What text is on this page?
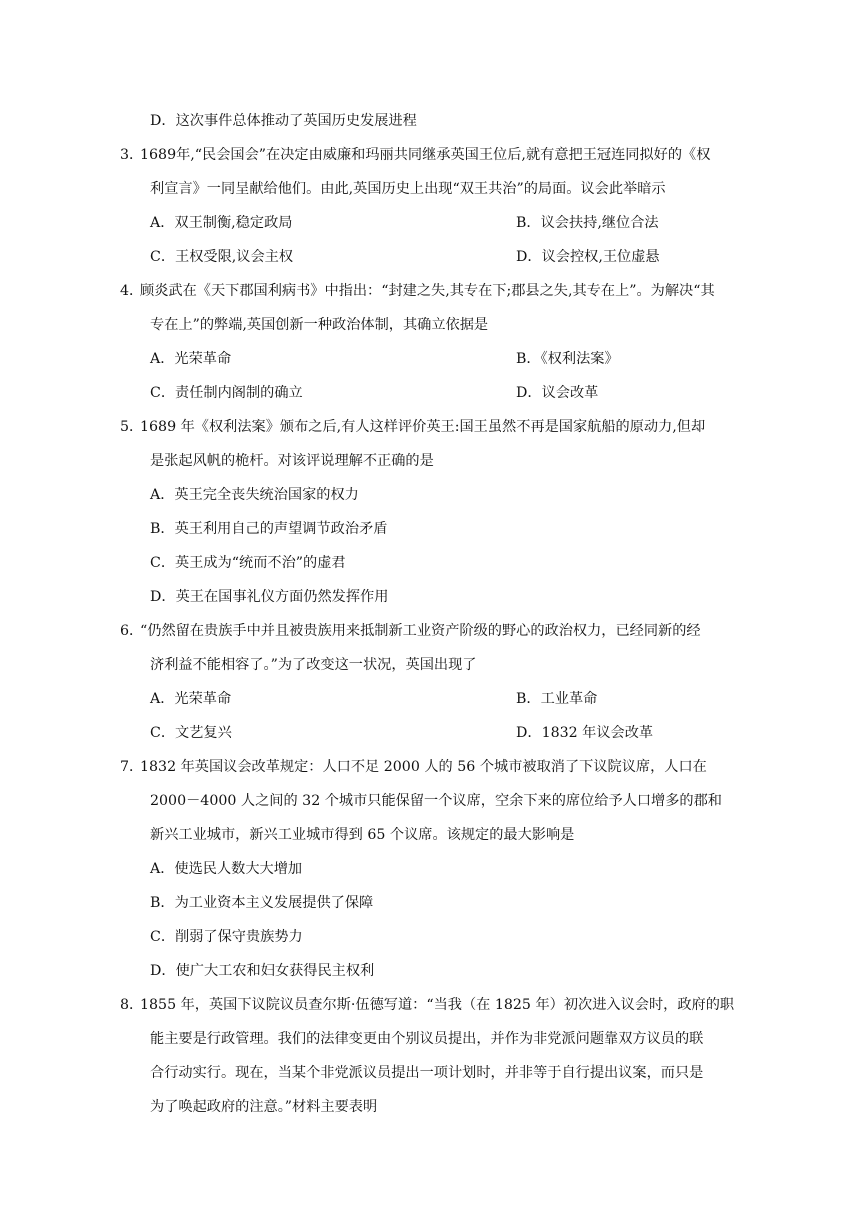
D．这次事件总体推动了英国历史发展进程
3．
1689年,“民会国会”在决定由威廉和玛丽共同继承英国王位后,就有意把王冠连同拟好的《权
利宣言》一同呈献给他们。由此,英国历史上出现“双王共治”的局面。议会此举暗示
A．双王制衡,稳定政局	B．议会扶持,继位合法
C．王权受限,议会主权	D．议会控权,王位虚悬
4．
顾炎武在《天下郡国利病书》中指出：“封建之失,其专在下;郡县之失,其专在上”。为解决“其
专在上”的弊端,英国创新一种政治体制，其确立依据是
A．光荣革命	B．《权利法案》
C．责任制内阁制的确立	D．议会改革
5．
1689 年《权利法案》颁布之后,有人这样评价英王:国王虽然不再是国家航船的原动力,但却
是张起风帆的桅杆。对该评说理解不正确的是
A．英王完全丧失统治国家的权力
B．英王利用自己的声望调节政治矛盾
C．英王成为“统而不治”的虚君
D．英王在国事礼仪方面仍然发挥作用
6．
“仍然留在贵族手中并且被贵族用来抵制新工业资产阶级的野心的政治权力，已经同新的经
济利益不能相容了。”为了改变这一状况，英国出现了
A．光荣革命	B．工业革命
C．文艺复兴	D．1832 年议会改革
7．
1832 年英国议会改革规定：人口不足 2000 人的 56 个城市被取消了下议院议席，人口在
2000－4000 人之间的 32 个城市只能保留一个议席，空余下来的席位给予人口增多的郡和
新兴工业城市，新兴工业城市得到 65 个议席。该规定的最大影响是
A．使选民人数大大增加
B．为工业资本主义发展提供了保障
C．削弱了保守贵族势力
D．使广大工农和妇女获得民主权利
8．
1855 年，英国下议院议员查尔斯·伍德写道：“当我（在 1825 年）初次进入议会时，政府的职
能主要是行政管理。我们的法律变更由个别议员提出，并作为非党派问题靠双方议员的联
合行动实行。现在，当某个非党派议员提出一项计划时，并非等于自行提出议案，而只是
为了唤起政府的注意。”材料主要表明
